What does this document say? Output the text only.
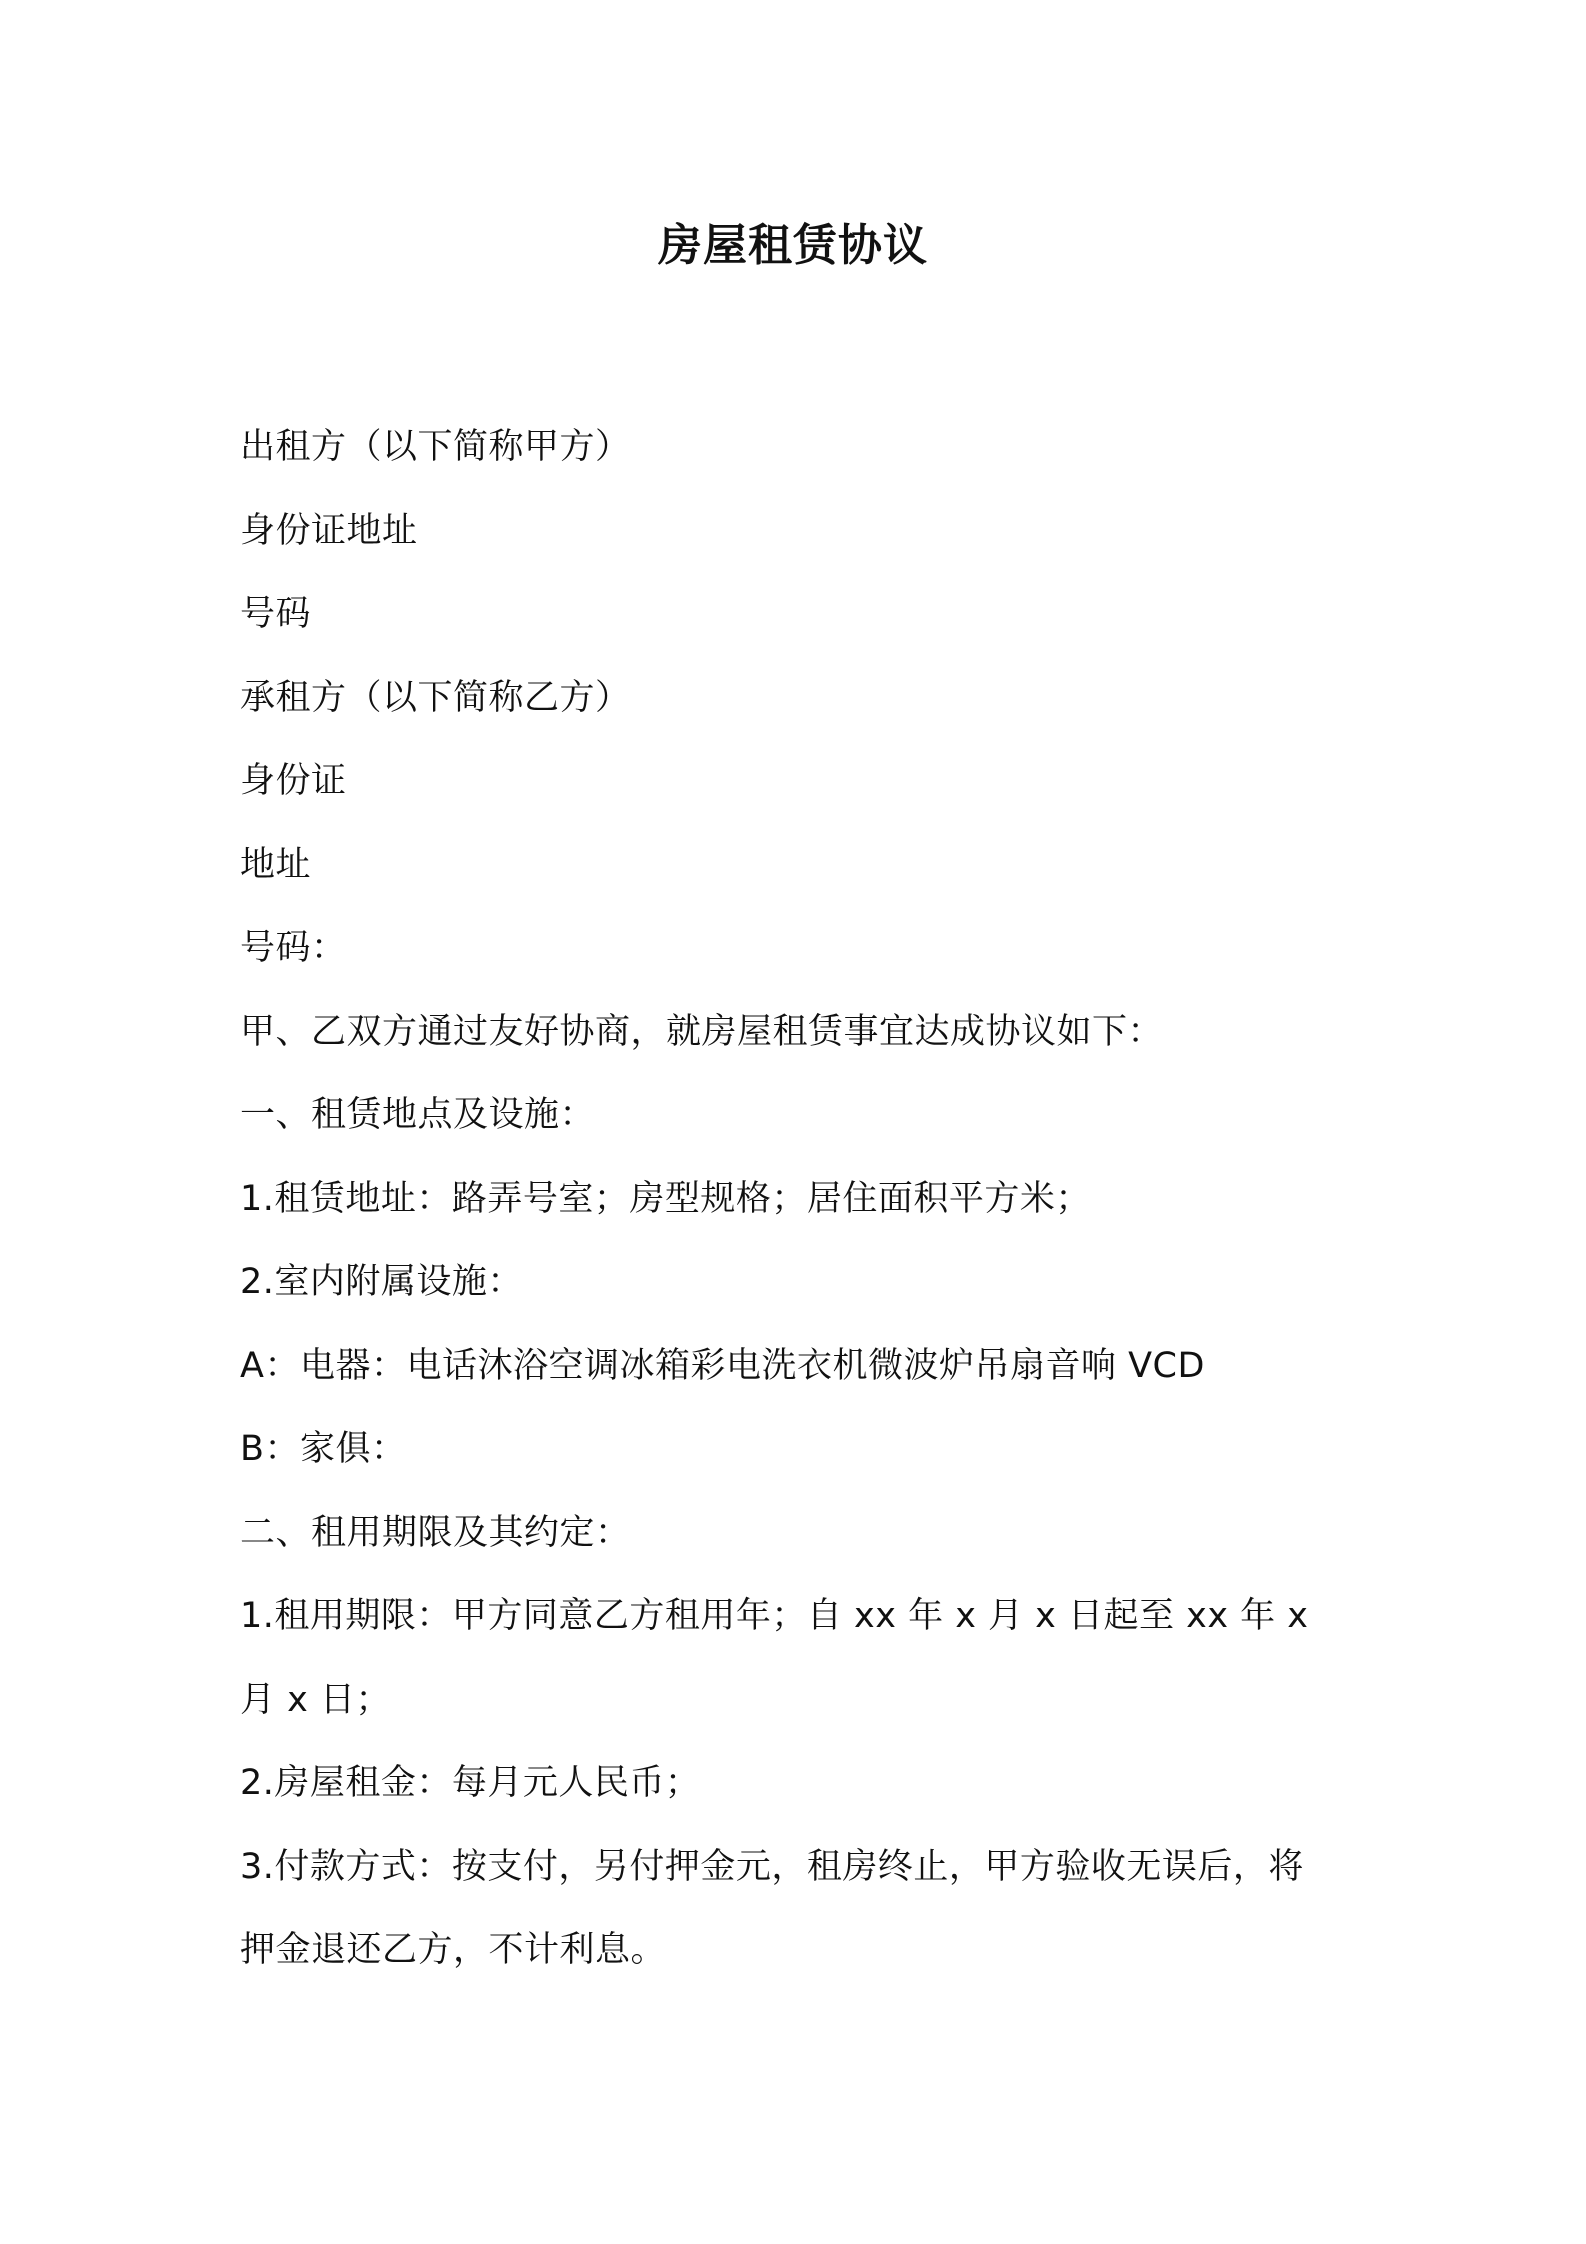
房屋租赁协议
出租方（以下简称甲方）
身份证地址
号码
承租方（以下简称乙方）
身份证
地址
号码：
甲、乙双方通过友好协商，就房屋租赁事宜达成协议如下：
一、租赁地点及设施：
1.租赁地址：路弄号室；房型规格；居住面积平方米；
2.室内附属设施：
A：电器：电话沐浴空调冰箱彩电洗衣机微波炉吊扇音响 VCD
B：家俱：
二、租用期限及其约定：
1.租用期限：甲方同意乙方租用年；自 xx 年 x 月 x 日起至 xx 年 x
月 x 日；
2.房屋租金：每月元人民币；
3.付款方式：按支付，另付押金元，租房终止，甲方验收无误后，将
押金退还乙方，不计利息。
